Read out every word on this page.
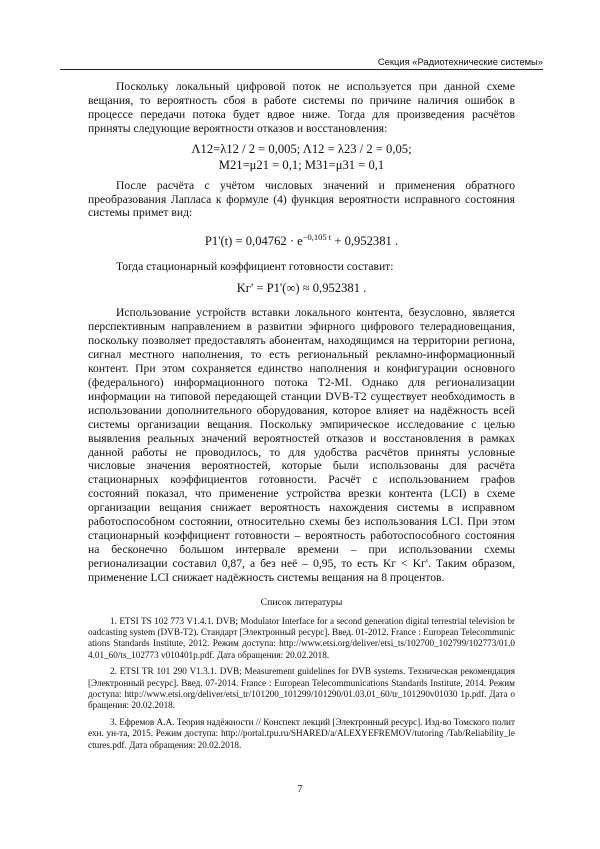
Секция «Радиотехнические системы»

Поскольку локальный цифровой поток не используется при данной схеме вещания, то вероятность сбоя в работе системы по причине наличия ошибок в процессе передачи потока будет вдвое ниже. Тогда для произведения расчётов приняты следующие вероятности отказов и восстановления:

Λ12=λ12 / 2 = 0,005; Λ12 = λ23 / 2 = 0,05;

M21=μ21 = 0,1; M31=μ31 = 0,1

После расчёта с учётом числовых значений и применения обратного преобразования Лапласа к формуле (4) функция вероятности исправного состояния системы примет вид:

$P1'(t) = 0,04762 \cdot e^{-0,105 t} + 0,952381$ .

Тогда стационарный коэффициент готовности составит:

Kг' = P1'(∞) ≈ 0,952381 .

Использование устройств вставки локального контента, безусловно, является перспективным направлением в развитии эфирного цифрового телерадиовещания, поскольку позволяет предоставлять абонентам, находящимся на территории региона, сигнал местного наполнения, то есть региональный рекламно-информационный контент. При этом сохраняется единство наполнения и конфигурации основного (федерального) информационного потока T2-MI. Однако для регионализации информации на типовой передающей станции DVB-T2 существует необходимость в использовании дополнительного оборудования, которое влияет на надёжность всей системы организации вещания. Поскольку эмпирическое исследование с целью выявления реальных значений вероятностей отказов и восстановления в рамках данной работы не проводилось, то для удобства расчётов приняты условные числовые значения вероятностей, которые были использованы для расчёта стационарных коэффициентов готовности. Расчёт с использованием графов состояний показал, что применение устройства врезки контента (LCI) в схеме организации вещания снижает вероятность нахождения системы в исправном работоспособном состоянии, относительно схемы без использования LCI. При этом стационарный коэффициент готовности – вероятность работоспособного состояния на бесконечно большом интервале времени – при использовании схемы регионализации составил 0,87, а без неё – 0,95, то есть Kг < Kг'. Таким образом, применение LCI снижает надёжность системы вещания на 8 процентов.

Список литературы

1. ETSI TS 102 773 V1.4.1. DVB; Modulator Interface for a second generation digital terrestrial television broadcasting system (DVB-T2). Стандарт [Электронный ресурс]. Введ. 01-2012. France : European Telecommunications Standards Institute, 2012. Режим доступа: http://www.etsi.org/deliver/etsi_ts/102700_102799/102773/01.04.01_60/ts_102773 v010401p.pdf. Дата обращения: 20.02.2018.

2. ETSI TR 101 290 V1.3.1. DVB; Measurement guidelines for DVB systems. Техническая рекомендация [Электронный ресурс]. Введ. 07-2014. France : European Telecommunications Standards Institute, 2014. Режим доступа: http://www.etsi.org/deliver/etsi_tr/101200_101299/101290/01.03.01_60/tr_101290v01030 1p.pdf. Дата обращения: 20.02.2018.

3. Ефремов А.А. Теория надёжности // Конспект лекций [Электронный ресурс]. Изд-во Томского политехн. ун-та, 2015. Режим доступа: http://portal.tpu.ru/SHARED/a/ALEXYEFREMOV/tutoring /Tab/Reliability_lectures.pdf. Дата обращения: 20.02.2018.

7
